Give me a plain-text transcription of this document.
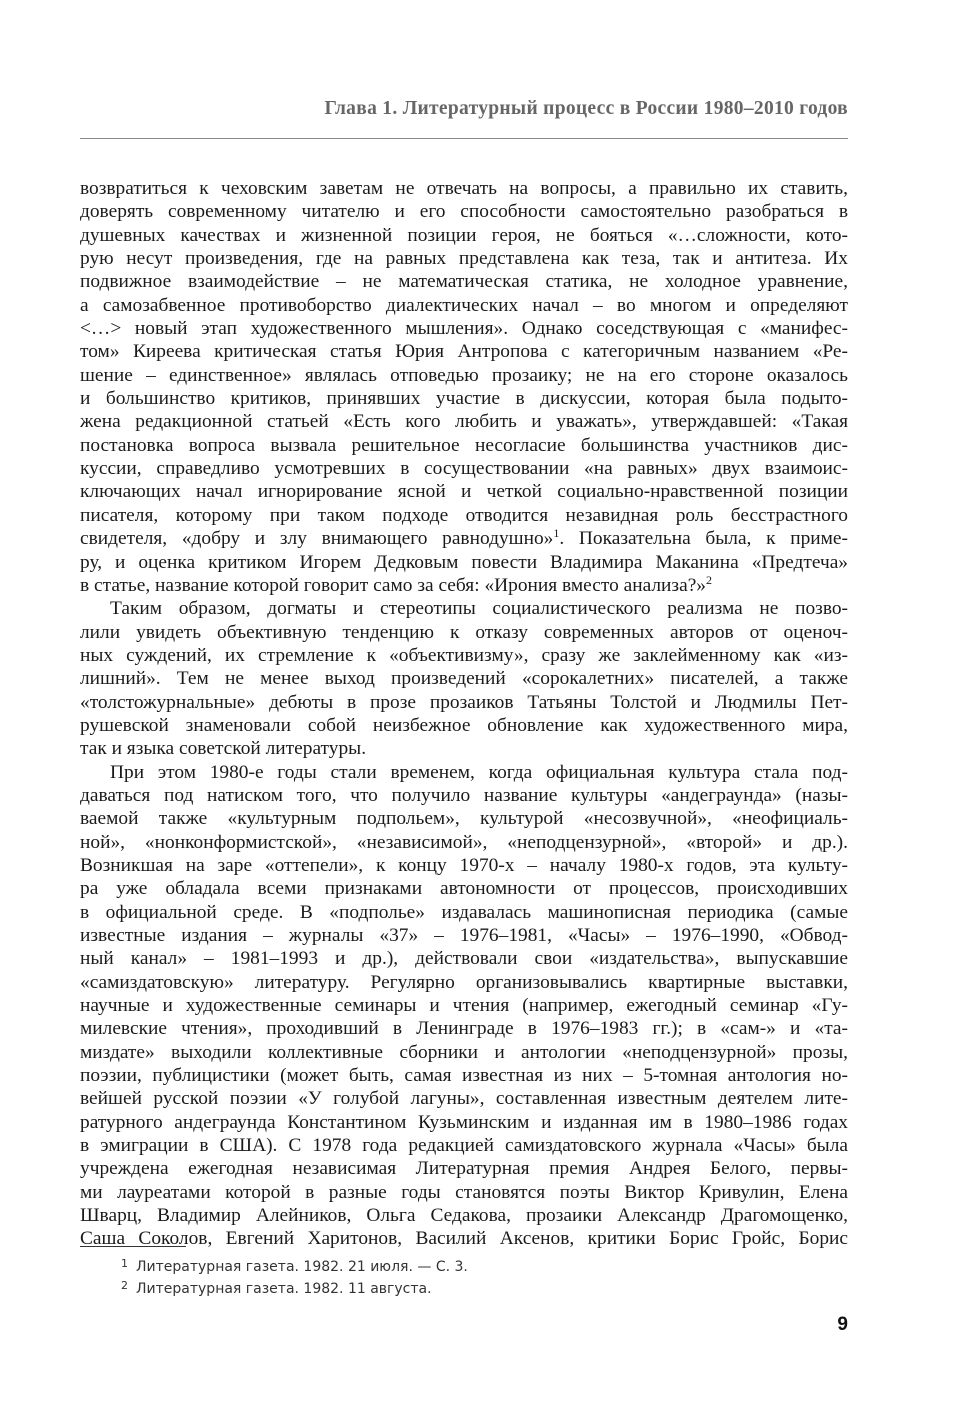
Глава 1. Литературный процесс в России 1980–2010 годов
возвратиться к чеховским заветам не отвечать на вопросы, а правильно их ставить,
доверять современному читателю и его способности самостоятельно разобраться в
душевных качествах и жизненной позиции героя, не бояться «…сложности, кото-
рую несут произведения, где на равных представлена как теза, так и антитеза. Их
подвижное взаимодействие – не математическая статика, не холодное уравнение,
а самозабвенное противоборство диалектических начал – во многом и определяют
<…> новый этап художественного мышления». Однако соседствующая с «манифес-
том» Киреева критическая статья Юрия Антропова с категоричным названием «Ре-
шение – единственное» являлась отповедью прозаику; не на его стороне оказалось
и большинство критиков, принявших участие в дискуссии, которая была подыто-
жена редакционной статьей «Есть кого любить и уважать», утверждавшей: «Такая
постановка вопроса вызвала решительное несогласие большинства участников дис-
куссии, справедливо усмотревших в сосуществовании «на равных» двух взаимоис-
ключающих начал игнорирование ясной и четкой социально-нравственной позиции
писателя, которому при таком подходе отводится незавидная роль бесстрастного
свидетеля, «добру и злу внимающего равнодушно»$^1$. Показательна была, к приме-
ру, и оценка критиком Игорем Дедковым повести Владимира Маканина «Предтеча»
в статье, название которой говорит само за себя: «Ирония вместо анализа?»$^2$
Таким образом, догматы и стереотипы социалистического реализма не позво-
лили увидеть объективную тенденцию к отказу современных авторов от оценоч-
ных суждений, их стремление к «объективизму», сразу же заклейменному как «из-
лишний». Тем не менее выход произведений «сорокалетних» писателей, а также
«толстожурнальные» дебюты в прозе прозаиков Татьяны Толстой и Людмилы Пет-
рушевской знаменовали собой неизбежное обновление как художественного мира,
так и языка советской литературы.
При этом 1980-е годы стали временем, когда официальная культура стала под-
даваться под натиском того, что получило название культуры «андеграунда» (назы-
ваемой также «культурным подпольем», культурой «несозвучной», «неофициаль-
ной», «нонконформистской», «независимой», «неподцензурной», «второй» и др.).
Возникшая на заре «оттепели», к концу 1970-х – началу 1980-х годов, эта культу-
ра уже обладала всеми признаками автономности от процессов, происходивших
в официальной среде. В «подполье» издавалась машинописная периодика (самые
известные издания – журналы «37» – 1976–1981, «Часы» – 1976–1990, «Обвод-
ный канал» – 1981–1993 и др.), действовали свои «издательства», выпускавшие
«самиздатовскую» литературу. Регулярно организовывались квартирные выставки,
научные и художественные семинары и чтения (например, ежегодный семинар «Гу-
милевские чтения», проходивший в Ленинграде в 1976–1983 гг.); в «сам-» и «та-
миздате» выходили коллективные сборники и антологии «неподцензурной» прозы,
поэзии, публицистики (может быть, самая известная из них – 5-томная антология но-
вейшей русской поэзии «У голубой лагуны», составленная известным деятелем лите-
ратурного андеграунда Константином Кузьминским и изданная им в 1980–1986 годах
в эмиграции в США). С 1978 года редакцией самиздатовского журнала «Часы» была
учреждена ежегодная независимая Литературная премия Андрея Белого, первы-
ми лауреатами которой в разные годы становятся поэты Виктор Кривулин, Елена
Шварц, Владимир Алейников, Ольга Седакова, прозаики Александр Драгомощенко,
Саша Соколов, Евгений Харитонов, Василий Аксенов, критики Борис Гройс, Борис
1 Литературная газета. 1982. 21 июля. — С. 3.
2 Литературная газета. 1982. 11 августа.
9
